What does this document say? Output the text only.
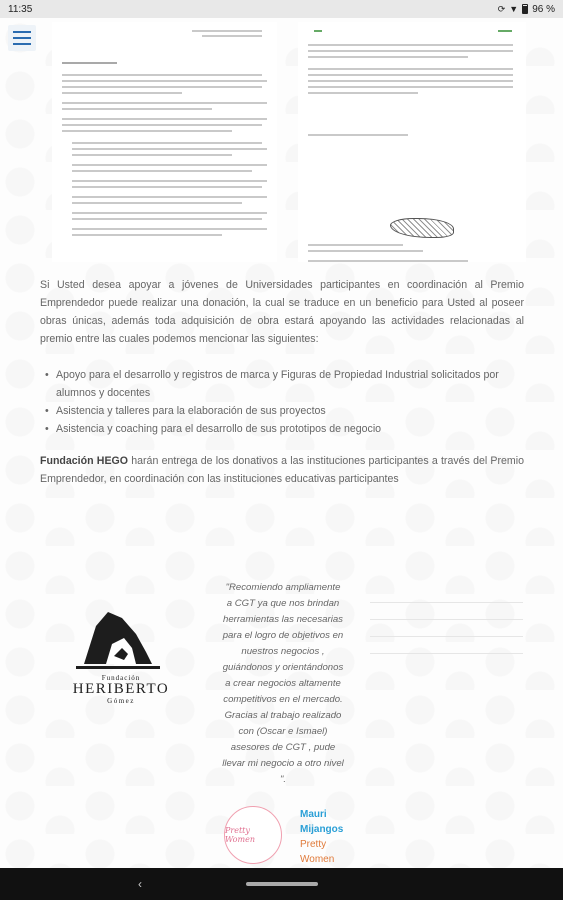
11:35	⟳ ▼ 96 %

Si Usted desea apoyar a jóvenes de Universidades participantes en coordinación al Premio Emprendedor puede realizar una donación, la cual se traduce en un beneficio para Usted al poseer obras únicas, además toda adquisición de obra estará apoyando las actividades relacionadas al premio entre las cuales podemos mencionar las siguientes:

• Apoyo para el desarrollo y registros de marca y Figuras de Propiedad Industrial solicitados por alumnos y docentes
• Asistencia y talleres para la elaboración de sus proyectos
• Asistencia y coaching para el desarrollo de sus prototipos de negocio

Fundación HEGO harán entrega de los donativos a las instituciones participantes a través del Premio Emprendedor, en coordinación con las instituciones educativas participantes

Fundación
HERIBERTO
Gómez

"Recomiendo ampliamente a CGT ya que nos brindan herramientas las necesarias para el logro de objetivos en nuestros negocios , guiándonos y orientándonos a crear negocios altamente competitivos en el mercado. Gracias al trabajo realizado con (Oscar e Ismael) asesores de CGT , pude llevar mi negocio a otro nivel ".

Pretty Women
Mauri
Mijangos
Pretty
Women
‹
